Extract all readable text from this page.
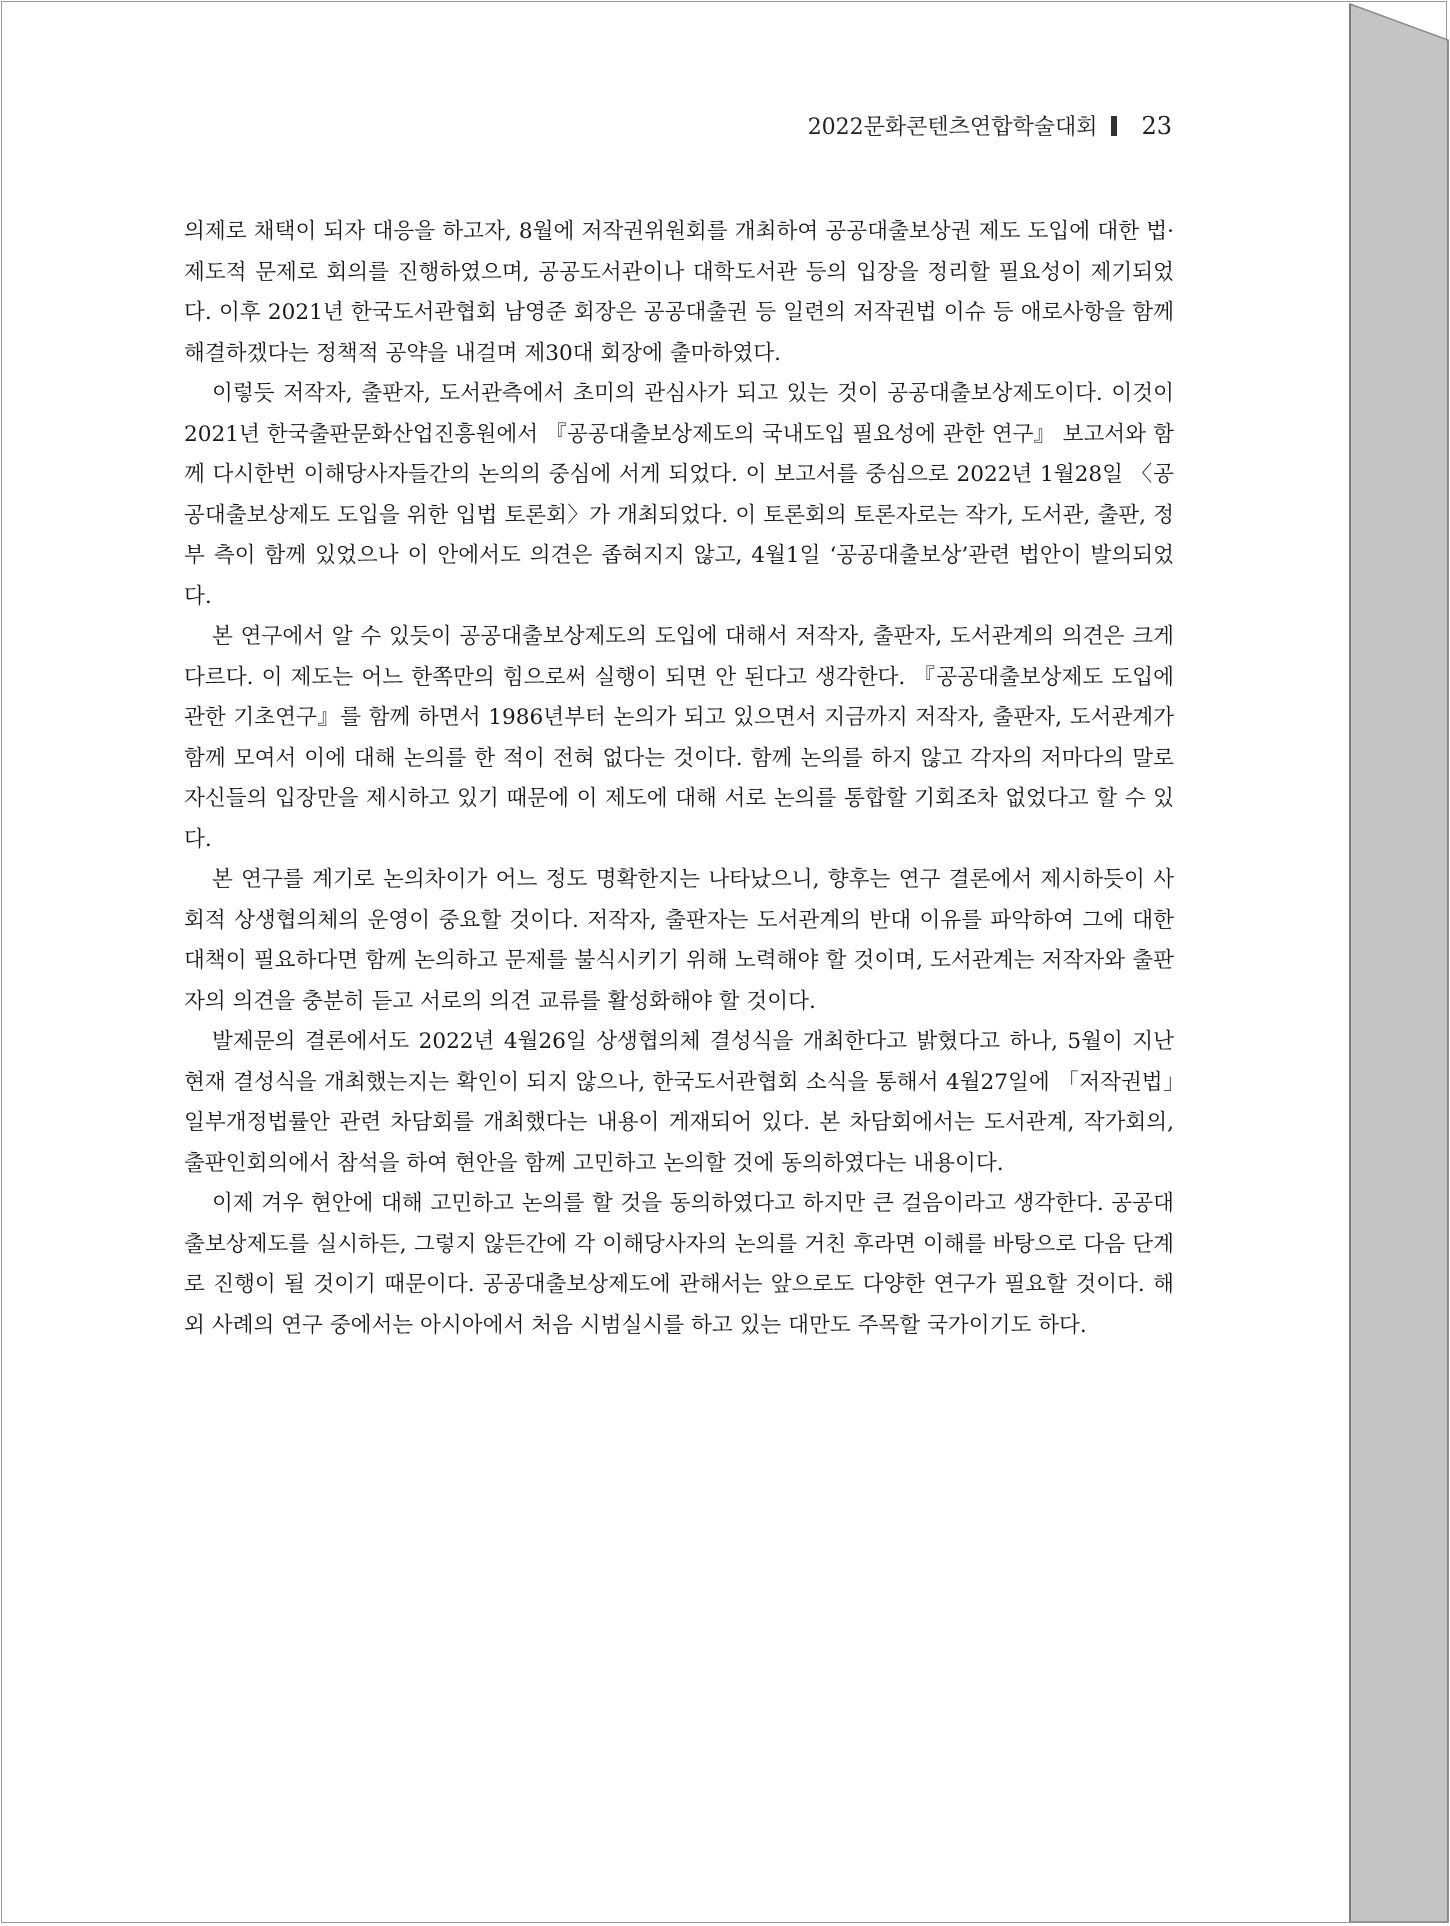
2022문화콘텐츠연합학술대회 23

의제로 채택이 되자 대응을 하고자, 8월에 저작권위원회를 개최하여 공공대출보상권 제도 도입에 대한 법·제도적 문제로 회의를 진행하였으며, 공공도서관이나 대학도서관 등의 입장을 정리할 필요성이 제기되었다. 이후 2021년 한국도서관협회 남영준 회장은 공공대출권 등 일련의 저작권법 이슈 등 애로사항을 함께 해결하겠다는 정책적 공약을 내걸며 제30대 회장에 출마하였다.

이렇듯 저작자, 출판자, 도서관측에서 초미의 관심사가 되고 있는 것이 공공대출보상제도이다. 이것이 2021년 한국출판문화산업진흥원에서 『공공대출보상제도의 국내도입 필요성에 관한 연구』 보고서와 함께 다시한번 이해당사자들간의 논의의 중심에 서게 되었다. 이 보고서를 중심으로 2022년 1월28일 〈공공대출보상제도 도입을 위한 입법 토론회〉가 개최되었다. 이 토론회의 토론자로는 작가, 도서관, 출판, 정부 측이 함께 있었으나 이 안에서도 의견은 좁혀지지 않고, 4월1일 ‘공공대출보상’관련 법안이 발의되었다.

본 연구에서 알 수 있듯이 공공대출보상제도의 도입에 대해서 저작자, 출판자, 도서관계의 의견은 크게 다르다. 이 제도는 어느 한쪽만의 힘으로써 실행이 되면 안 된다고 생각한다. 『공공대출보상제도 도입에 관한 기초연구』를 함께 하면서 1986년부터 논의가 되고 있으면서 지금까지 저작자, 출판자, 도서관계가 함께 모여서 이에 대해 논의를 한 적이 전혀 없다는 것이다. 함께 논의를 하지 않고 각자의 저마다의 말로 자신들의 입장만을 제시하고 있기 때문에 이 제도에 대해 서로 논의를 통합할 기회조차 없었다고 할 수 있다.

본 연구를 계기로 논의차이가 어느 정도 명확한지는 나타났으니, 향후는 연구 결론에서 제시하듯이 사회적 상생협의체의 운영이 중요할 것이다. 저작자, 출판자는 도서관계의 반대 이유를 파악하여 그에 대한 대책이 필요하다면 함께 논의하고 문제를 불식시키기 위해 노력해야 할 것이며, 도서관계는 저작자와 출판자의 의견을 충분히 듣고 서로의 의견 교류를 활성화해야 할 것이다.

발제문의 결론에서도 2022년 4월26일 상생협의체 결성식을 개최한다고 밝혔다고 하나, 5월이 지난 현재 결성식을 개최했는지는 확인이 되지 않으나, 한국도서관협회 소식을 통해서 4월27일에 「저작권법」일부개정법률안 관련 차담회를 개최했다는 내용이 게재되어 있다. 본 차담회에서는 도서관계, 작가회의, 출판인회의에서 참석을 하여 현안을 함께 고민하고 논의할 것에 동의하였다는 내용이다.

이제 겨우 현안에 대해 고민하고 논의를 할 것을 동의하였다고 하지만 큰 걸음이라고 생각한다. 공공대출보상제도를 실시하든, 그렇지 않든간에 각 이해당사자의 논의를 거친 후라면 이해를 바탕으로 다음 단계로 진행이 될 것이기 때문이다. 공공대출보상제도에 관해서는 앞으로도 다양한 연구가 필요할 것이다. 해외 사례의 연구 중에서는 아시아에서 처음 시범실시를 하고 있는 대만도 주목할 국가이기도 하다.
